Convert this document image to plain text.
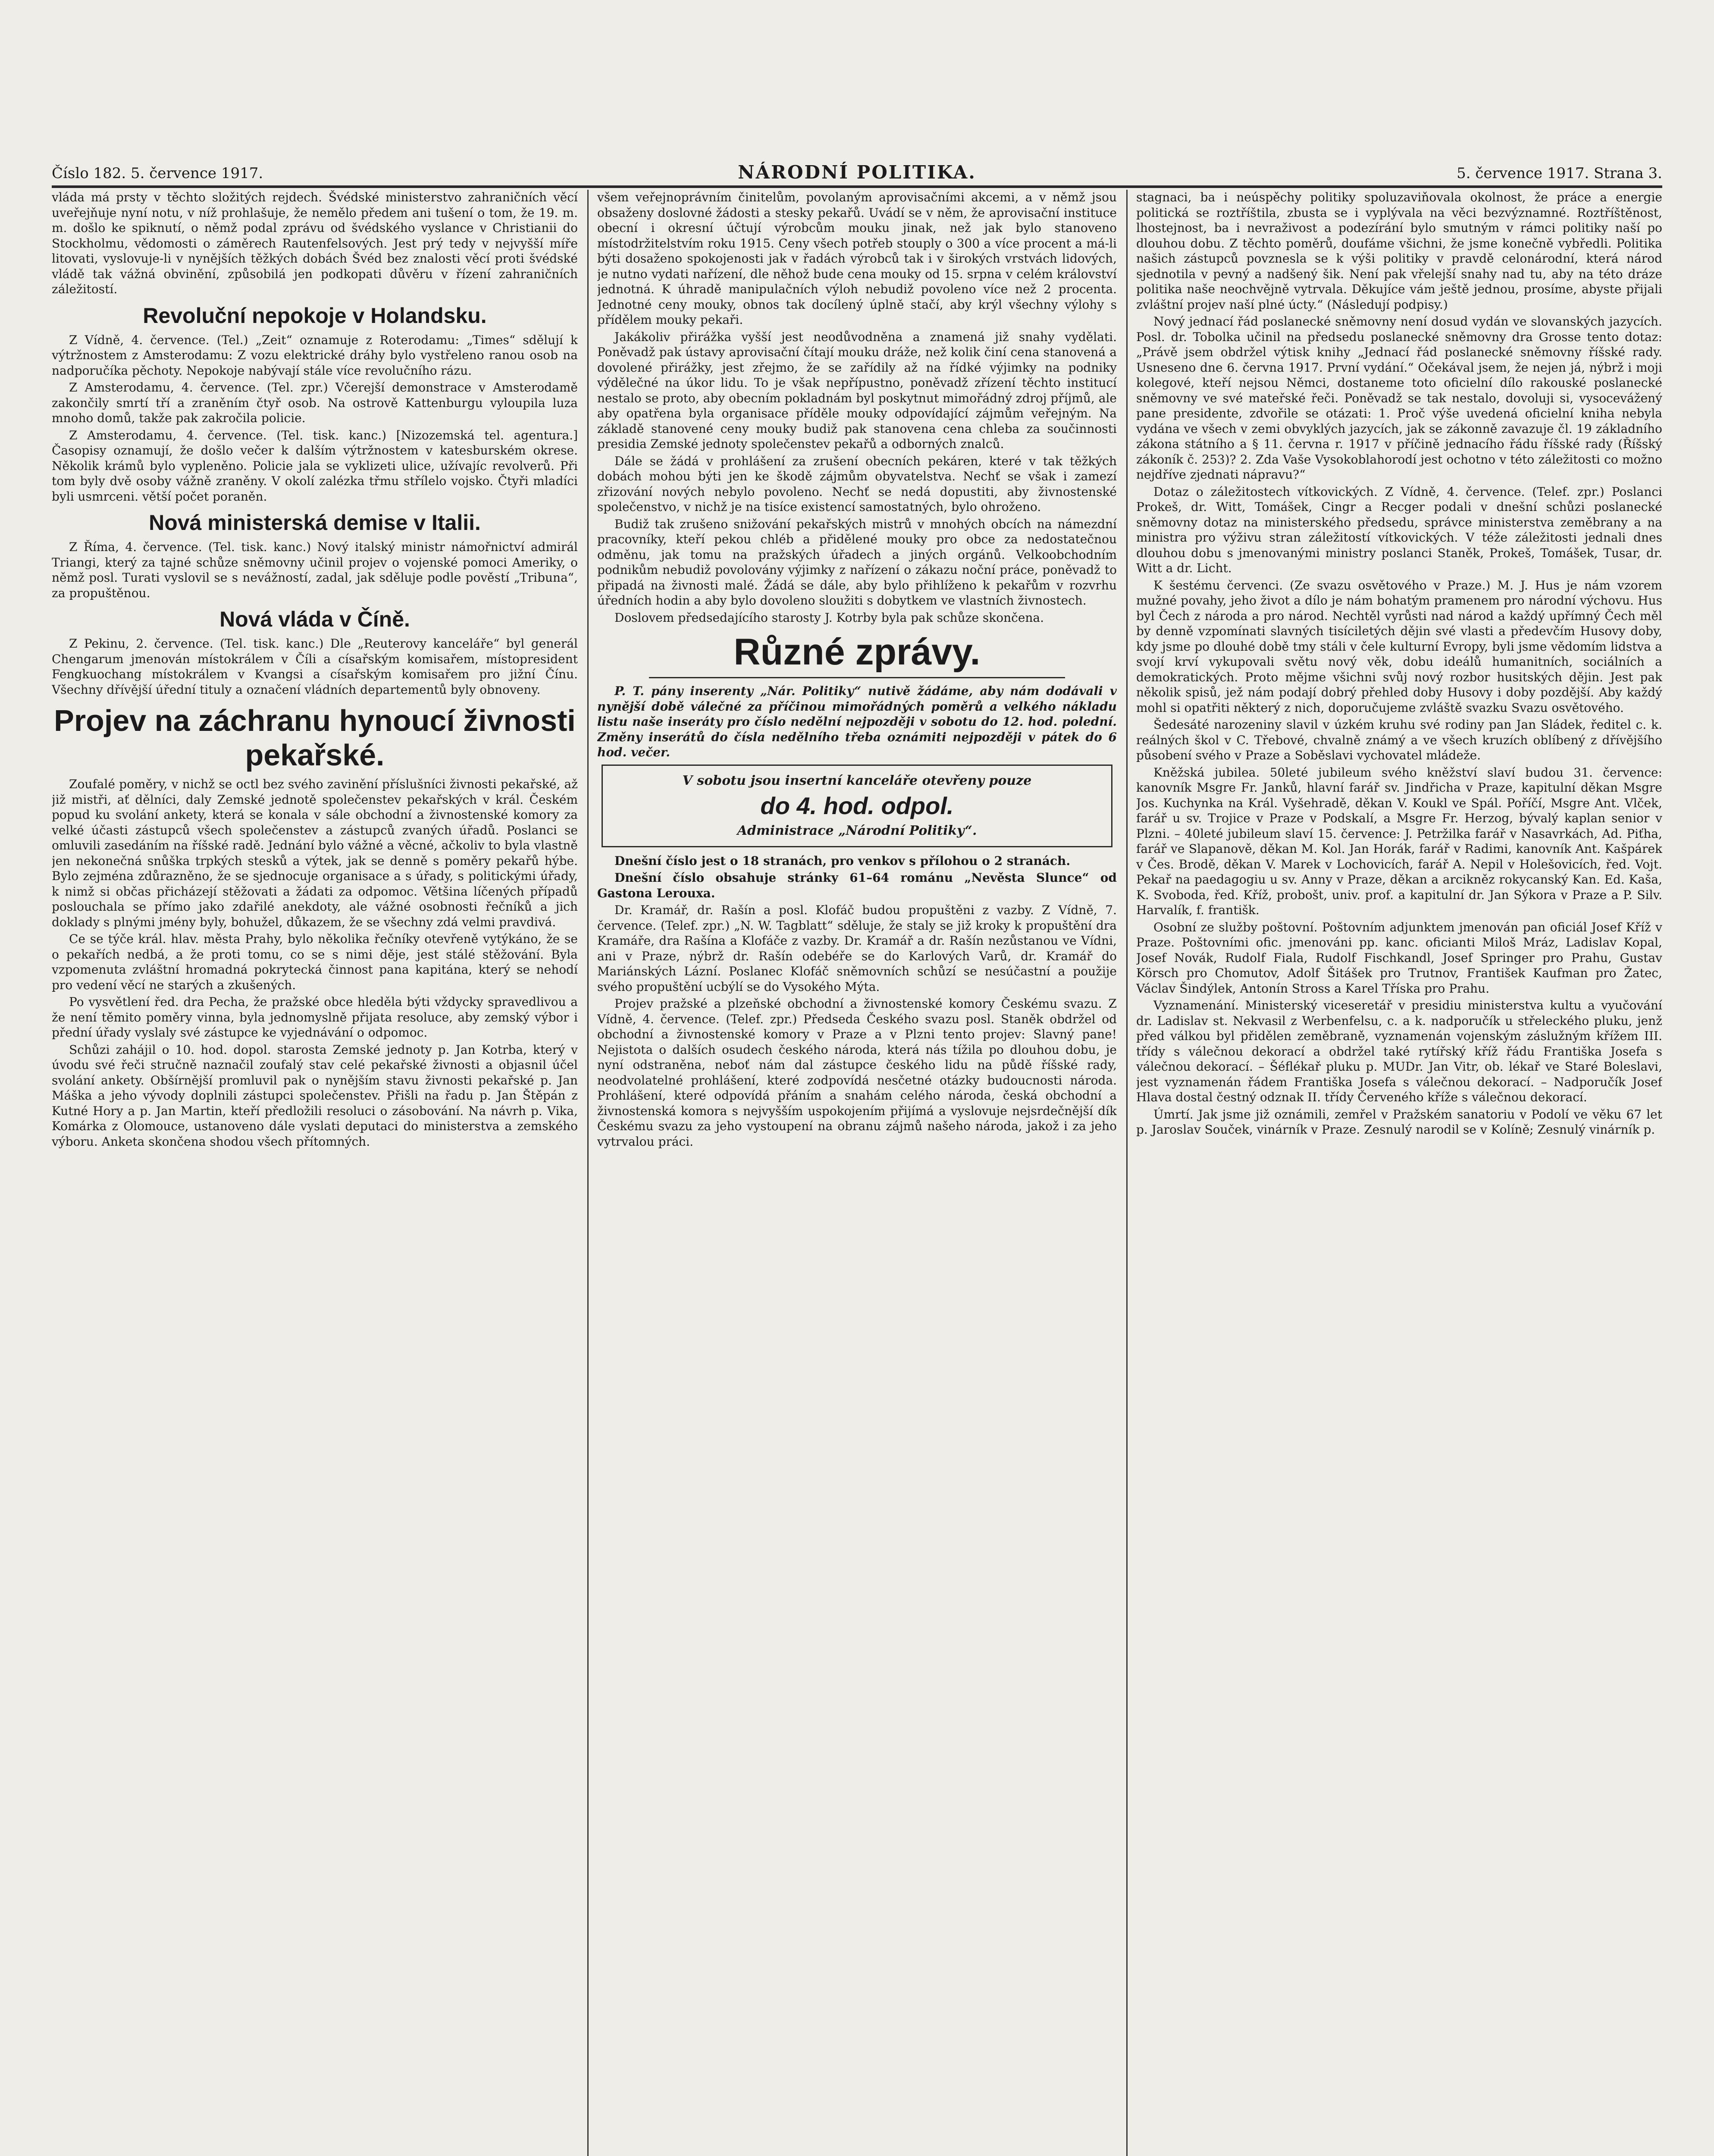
Číslo 182. 5. července 1917.	NÁRODNÍ POLITIKA.	5. července 1917. Strana 3.

vláda má prsty v těchto složitých rejdech. Švédské ministerstvo zahraničních věcí uveřejňuje nyní notu, v níž prohlašuje, že nemělo předem ani tušení o tom, že 19. m. m. došlo ke spiknutí, o němž podal zprávu od švédského vyslance v Christianii do Stockholmu, vědomosti o záměrech Rautenfelsových. Jest prý tedy v nejvyšší míře litovati, vyslovuje-li v nynějších těžkých dobách Švéd bez znalosti věcí proti švédské vládě tak vážná obvinění, způsobilá jen podkopati důvěru v řízení zahraničních záležitostí.

Revoluční nepokoje v Holandsku.

Z Vídně, 4. července. (Tel.) „Zeit“ oznamuje z Roterodamu: „Times“ sdělují k výtržnostem z Amsterodamu: Z vozu elektrické dráhy bylo vystřeleno ranou osob na nadporučíka pěchoty. Nepokoje nabývají stále více revolučního rázu.

Z Amsterodamu, 4. července. (Tel. zpr.) Včerejší demonstrace v Amsterodamě zakončily smrtí tří a zraněním čtyř osob. Na ostrově Kattenburgu vyloupila luza mnoho domů, takže pak zakročila policie.

Z Amsterodamu, 4. července. (Tel. tisk. kanc.) [Nizozemská tel. agentura.] Časopisy oznamují, že došlo večer k dalším výtržnostem v katesburském okrese. Několik krámů bylo vypleněno. Policie jala se vyklizeti ulice, užívajíc revolverů. Při tom byly dvě osoby vážně zraněny. V okolí zalézka třmu střílelo vojsko. Čtyři mladíci byli usmrceni. větší počet poraněn.

Nová ministerská demise v Italii.

Z Říma, 4. července. (Tel. tisk. kanc.) Nový italský ministr námořnictví admirál Triangi, který za tajné schůze sněmovny učinil projev o vojenské pomoci Ameriky, o němž posl. Turati vyslovil se s nevážností, zadal, jak sděluje podle pověstí „Tribuna“, za propuštěnou.

Nová vláda v Číně.

Z Pekinu, 2. července. (Tel. tisk. kanc.) Dle „Reuterovy kanceláře“ byl generál Chengarum jmenován místokrálem v Číli a císařským komisařem, místopresident Fengkuochang místokrálem v Kvangsi a císařským komisařem pro jižní Čínu. Všechny dřívější úřední tituly a označení vládních departementů byly obnoveny.

Projev na záchranu hynoucí živnosti pekařské.

Zoufalé poměry, v nichž se octl bez svého zavinění příslušníci živnosti pekařské, až již mistři, ať dělníci, daly Zemské jednotě společenstev pekařských v král. Českém popud ku svolání ankety, která se konala v sále obchodní a živnostenské komory za velké účasti zástupců všech společenstev a zástupců zvaných úřadů. Poslanci se omluvili zasedáním na říšské radě. Jednání bylo vážné a věcné, ačkoliv to byla vlastně jen nekonečná snůška trpkých stesků a výtek, jak se denně s poměry pekařů hýbe. Bylo zejména zdůrazněno, že se sjednocuje organisace a s úřady, s politickými úřady, k nimž si občas přicházejí stěžovati a žádati za odpomoc. Většina líčených případů poslouchala se přímo jako zdařilé anekdoty, ale vážné osobnosti řečníků a jich doklady s plnými jmény byly, bohužel, důkazem, že se všechny zdá velmi pravdivá.

Ce se týče král. hlav. města Prahy, bylo několika řečníky otevřeně vytýkáno, že se o pekařích nedbá, a že proti tomu, co se s nimi děje, jest stálé stěžování. Byla vzpomenuta zvláštní hromadná pokrytecká činnost pana kapitána, který se nehodí pro vedení věcí ne starých a zkušených.

Po vysvětlení řed. dra Pecha, že pražské obce hleděla býti vždycky spravedlivou a že není těmito poměry vinna, byla jednomyslně přijata resoluce, aby zemský výbor i přední úřady vyslaly své zástupce ke vyjednávání o odpomoc.

Schůzi zahájil o 10. hod. dopol. starosta Zemské jednoty p. Jan Kotrba, který v úvodu své řeči stručně naznačil zoufalý stav celé pekařské živnosti a objasnil účel svolání ankety. Obšírnější promluvil pak o nynějším stavu živnosti pekařské p. Jan Máška a jeho vývody doplnili zástupci společenstev. Přišli na řadu p. Jan Štěpán z Kutné Hory a p. Jan Martin, kteří předložili resoluci o zásobování. Na návrh p. Vika, Komárka z Olomouce, ustanoveno dále vyslati deputaci do ministerstva a zemského výboru. Anketa skončena shodou všech přítomných.

všem veřejnoprávním činitelům, povolaným aprovisačními akcemi, a v němž jsou obsaženy doslovné žádosti a stesky pekařů. Uvádí se v něm, že aprovisační instituce obecní i okresní účtují výrobcům mouku jinak, než jak bylo stanoveno místodržitelstvím roku 1915. Ceny všech potřeb stouply o 300 a více procent a má-li býti dosaženo spokojenosti jak v řadách výrobců tak i v širokých vrstvách lidových, je nutno vydati nařízení, dle něhož bude cena mouky od 15. srpna v celém království jednotná. K úhradě manipulačních výloh nebudiž povoleno více než 2 procenta. Jednotné ceny mouky, obnos tak docílený úplně stačí, aby krýl všechny výlohy s přídělem mouky pekaři.

Jakákoliv přirážka vyšší jest neodůvodněna a znamená již snahy vydělati. Poněvadž pak ústavy aprovisační čítají mouku dráže, než kolik činí cena stanovená a dovolené přirážky, jest zřejmo, že se zařídily až na řídké výjimky na podniky výdělečné na úkor lidu. To je však nepřípustno, poněvadž zřízení těchto institucí nestalo se proto, aby obecním pokladnám byl poskytnut mimořádný zdroj příjmů, ale aby opatřena byla organisace příděle mouky odpovídající zájmům veřejným. Na základě stanovené ceny mouky budiž pak stanovena cena chleba za součinnosti presidia Zemské jednoty společenstev pekařů a odborných znalců.

Dále se žádá v prohlášení za zrušení obecních pekáren, které v tak těžkých dobách mohou býti jen ke škodě zájmům obyvatelstva. Nechť se však i zamezí zřizování nových nebylo povoleno. Nechť se nedá dopustiti, aby živnostenské společenstvo, v nichž je na tisíce existencí samostatných, bylo ohroženo.

Budiž tak zrušeno snižování pekařských mistrů v mnohých obcích na námezdní pracovníky, kteří pekou chléb a přidělené mouky pro obce za nedostatečnou odměnu, jak tomu na pražských úřadech a jiných orgánů. Velkoobchodním podnikům nebudiž povolovány výjimky z nařízení o zákazu noční práce, poněvadž to připadá na živnosti malé. Žádá se dále, aby bylo přihlíženo k pekařům v rozvrhu úředních hodin a aby bylo dovoleno sloužiti s dobytkem ve vlastních živnostech.

Doslovem předsedajícího starosty J. Kotrby byla pak schůze skončena.

Různé zprávy.

P. T. pány inserenty „Nár. Politiky“ nutivě žádáme, aby nám dodávali v nynější době válečné za příčinou mimořádných poměrů a velkého nákladu listu naše inseráty pro číslo nedělní nejpozději v sobotu do 12. hod. polední. Změny inserátů do čísla nedělního třeba oznámiti nejpozději v pátek do 6 hod. večer.

V sobotu jsou insertní kanceláře otevřeny pouze
do 4. hod. odpol.
Administrace „Národní Politiky“.

Dnešní číslo jest o 18 stranách, pro venkov s přílohou o 2 stranách.

Dnešní číslo obsahuje stránky 61–64 románu „Nevěsta Slunce“ od Gastona Lerouxa.

Dr. Kramář, dr. Rašín a posl. Klofáč budou propuštěni z vazby. Z Vídně, 7. července. (Telef. zpr.) „N. W. Tagblatt“ sděluje, že staly se již kroky k propuštění dra Kramáře, dra Rašína a Klofáče z vazby. Dr. Kramář a dr. Rašín nezůstanou ve Vídni, ani v Praze, nýbrž dr. Rašín odebéře se do Karlových Varů, dr. Kramář do Mariánských Lázní. Poslanec Klofáč sněmovních schůzí se nesúčastní a použije svého propuštění ucbýlí se do Vysokého Mýta.

Projev pražské a plzeňské obchodní a živnostenské komory Českému svazu. Z Vídně, 4. července. (Telef. zpr.) Předseda Českého svazu posl. Staněk obdržel od obchodní a živnostenské komory v Praze a v Plzni tento projev: Slavný pane! Nejistota o dalších osudech českého národa, která nás tížila po dlouhou dobu, je nyní odstraněna, neboť nám dal zástupce českého lidu na půdě říšské rady, neodvolatelné prohlášení, které zodpovídá nesčetné otázky budoucnosti národa. Prohlášení, které odpovídá přáním a snahám celého národa, česká obchodní a živnostenská komora s nejvyšším uspokojením přijímá a vyslovuje nejsrdečnější dík Českému svazu za jeho vystoupení na obranu zájmů našeho národa, jakož i za jeho vytrvalou práci.

stagnaci, ba i neúspěchy politiky spoluzaviňovala okolnost, že práce a energie politická se roztříštila, zbusta se i vyplývala na věci bezvýznamné. Roztříštěnost, lhostejnost, ba i nevraživost a podezírání bylo smutným v rámci politiky naší po dlouhou dobu. Z těchto poměrů, doufáme všichni, že jsme konečně vybředli. Politika našich zástupců povznesla se k výši politiky v pravdě celonárodní, která národ sjednotila v pevný a nadšený šik. Není pak vřelejší snahy nad tu, aby na této dráze politika naše neochvějně vytrvala. Děkujíce vám ještě jednou, prosíme, abyste přijali zvláštní projev naší plné úcty.“ (Následují podpisy.)

Nový jednací řád poslanecké sněmovny není dosud vydán ve slovanských jazycích. Posl. dr. Tobolka učinil na předsedu poslanecké sněmovny dra Grosse tento dotaz: „Právě jsem obdržel výtisk knihy „Jednací řád poslanecké sněmovny říšské rady. Usneseno dne 6. června 1917. První vydání.“ Očekával jsem, že nejen já, nýbrž i moji kolegové, kteří nejsou Němci, dostaneme toto oficielní dílo rakouské poslanecké sněmovny ve své mateřské řeči. Poněvadž se tak nestalo, dovoluji si, vysocevážený pane presidente, zdvořile se otázati: 1. Proč výše uvedená oficielní kniha nebyla vydána ve všech v zemi obvyklých jazycích, jak se zákonně zavazuje čl. 19 základního zákona státního a § 11. června r. 1917 v příčině jednacího řádu říšské rady (Říšský zákoník č. 253)? 2. Zda Vaše Vysokoblahorodí jest ochotno v této záležitosti co možno nejdříve zjednati nápravu?“

Dotaz o záležitostech vítkovických. Z Vídně, 4. července. (Telef. zpr.) Poslanci Prokeš, dr. Witt, Tomášek, Cingr a Recger podali v dnešní schůzi poslanecké sněmovny dotaz na ministerského předsedu, správce ministerstva zeměbrany a na ministra pro výživu stran záležitostí vítkovických. V téže záležitosti jednali dnes dlouhou dobu s jmenovanými ministry poslanci Staněk, Prokeš, Tomášek, Tusar, dr. Witt a dr. Licht.

K šestému červenci. (Ze svazu osvětového v Praze.) M. J. Hus je nám vzorem mužné povahy, jeho život a dílo je nám bohatým pramenem pro národní výchovu. Hus byl Čech z národa a pro národ. Nechtěl vyrůsti nad národ a každý upřímný Čech měl by denně vzpomínati slavných tisíciletých dějin své vlasti a předevčím Husovy doby, kdy jsme po dlouhé době tmy stáli v čele kulturní Evropy, byli jsme vědomím lidstva a svojí krví vykupovali světu nový věk, dobu ideálů humanitních, sociálních a demokratických. Proto mějme všichni svůj nový rozbor husitských dějin. Jest pak několik spisů, jež nám podají dobrý přehled doby Husovy i doby pozdější. Aby každý mohl si opatřiti některý z nich, doporučujeme zvláště svazku Svazu osvětového.

Šedesáté narozeniny slavil v úzkém kruhu své rodiny pan Jan Sládek, ředitel c. k. reálných škol v C. Třebové, chvalně známý a ve všech kruzích oblíbený z dřívějšího působení svého v Praze a Soběslavi vychovatel mládeže.

Kněžská jubilea. 50leté jubileum svého kněžství slaví budou 31. července: kanovník Msgre Fr. Janků, hlavní farář sv. Jindřicha v Praze, kapitulní děkan Msgre Jos. Kuchynka na Král. Vyšehradě, děkan V. Koukl ve Spál. Poříčí, Msgre Ant. Vlček, farář u sv. Trojice v Praze v Podskalí, a Msgre Fr. Herzog, bývalý kaplan senior v Plzni. – 40leté jubileum slaví 15. července: J. Petržilka farář v Nasavrkách, Ad. Piťha, farář ve Slapanově, děkan M. Kol. Jan Horák, farář v Radimi, kanovník Ant. Kašpárek v Čes. Brodě, děkan V. Marek v Lochovicích, farář A. Nepil v Holešovicích, řed. Vojt. Pekař na paedagogiu u sv. Anny v Praze, děkan a arcikněz rokycanský Kan. Ed. Kaša, K. Svoboda, řed. Kříž, probošt, univ. prof. a kapitulní dr. Jan Sýkora v Praze a P. Silv. Harvalík, f. františk.

Osobní ze služby poštovní. Poštovním adjunktem jmenován pan oficiál Josef Kříž v Praze. Poštovními ofic. jmenováni pp. kanc. oficianti Miloš Mráz, Ladislav Kopal, Josef Novák, Rudolf Fiala, Rudolf Fischkandl, Josef Springer pro Prahu, Gustav Körsch pro Chomutov, Adolf Šitášek pro Trutnov, František Kaufman pro Žatec, Václav Šindýlek, Antonín Stross a Karel Tříska pro Prahu.

Vyznamenání. Ministerský viceseretář v presidiu ministerstva kultu a vyučování dr. Ladislav st. Nekvasil z Werbenfelsu, c. a k. nadporučík u střeleckého pluku, jenž před válkou byl přidělen zeměbraně, vyznamenán vojenským záslužným křížem III. třídy s válečnou dekorací a obdržel také rytířský kříž řádu Františka Josefa s válečnou dekorací. – Šéflékař pluku p. MUDr. Jan Vitr, ob. lékař ve Staré Boleslavi, jest vyznamenán řádem Františka Josefa s válečnou dekorací. – Nadporučík Josef Hlava dostal čestný odznak II. třídy Červeného kříže s válečnou dekorací.

Úmrtí. Jak jsme již oznámili, zemřel v Pražském sanatoriu v Podolí ve věku 67 let p. Jaroslav Souček, vinárník v Praze. Zesnulý narodil se v Kolíně; Zesnulý vinárník p.
